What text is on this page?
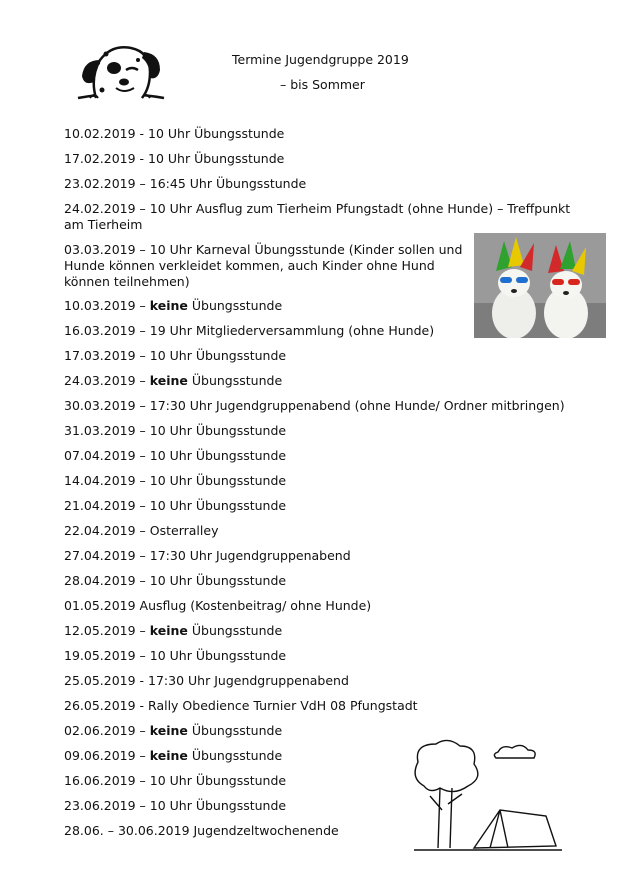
Termine Jugendgruppe 2019
– bis Sommer
10.02.2019 - 10 Uhr Übungsstunde
17.02.2019 - 10 Uhr Übungsstunde
23.02.2019 – 16:45 Uhr Übungsstunde
24.02.2019 – 10 Uhr Ausflug zum Tierheim Pfungstadt (ohne Hunde) – Treffpunkt
am Tierheim
03.03.2019 – 10 Uhr Karneval Übungsstunde (Kinder sollen und
Hunde können verkleidet kommen, auch Kinder ohne Hund
können teilnehmen)
10.03.2019 – keine Übungsstunde
16.03.2019 – 19 Uhr Mitgliederversammlung (ohne Hunde)
17.03.2019 – 10 Uhr Übungsstunde
24.03.2019 – keine Übungsstunde
30.03.2019 – 17:30 Uhr Jugendgruppenabend (ohne Hunde/ Ordner mitbringen)
31.03.2019 – 10 Uhr Übungsstunde
07.04.2019 – 10 Uhr Übungsstunde
14.04.2019 – 10 Uhr Übungsstunde
21.04.2019 – 10 Uhr Übungsstunde
22.04.2019 – Osterralley
27.04.2019 – 17:30 Uhr Jugendgruppenabend
28.04.2019 – 10 Uhr Übungsstunde
01.05.2019 Ausflug (Kostenbeitrag/ ohne Hunde)
12.05.2019 – keine Übungsstunde
19.05.2019 – 10 Uhr Übungsstunde
25.05.2019 - 17:30 Uhr Jugendgruppenabend
26.05.2019 - Rally Obedience Turnier VdH 08 Pfungstadt
02.06.2019 – keine Übungsstunde
09.06.2019 – keine Übungsstunde
16.06.2019 – 10 Uhr Übungsstunde
23.06.2019 – 10 Uhr Übungsstunde
28.06. – 30.06.2019 Jugendzeltwochenende
